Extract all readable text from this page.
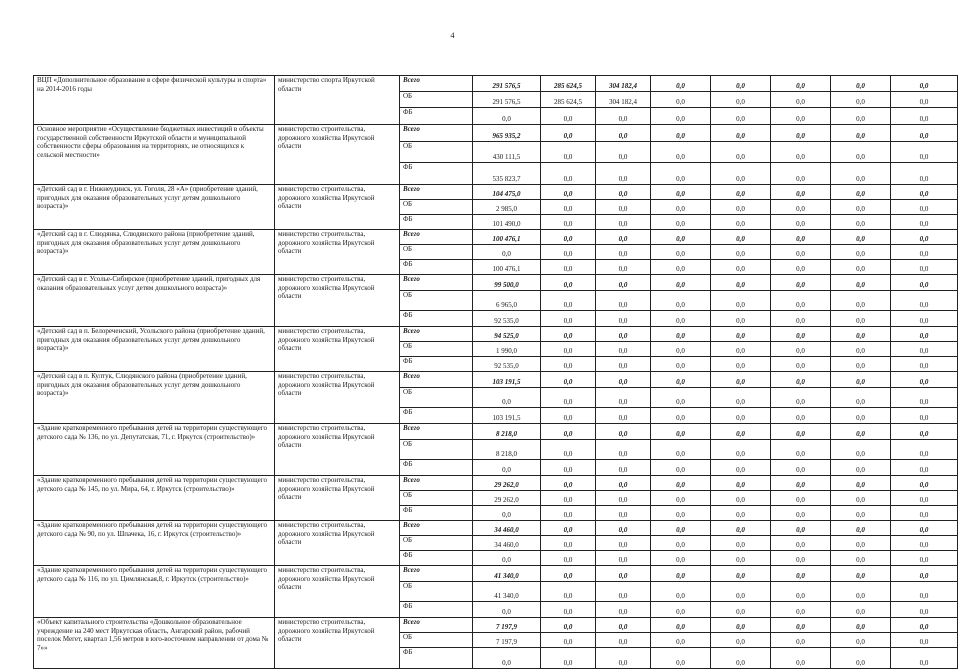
4
ВЦП «Дополнительное образование в сфере физической культуры и спорта» на 2014-2016 годы	министерство спорта Иркутской области	Всего	291 576,5	285 624,5	304 182,4	0,0	0,0	0,0	0,0	0,0	
		ОБ	291 576,5	285 624,5	304 182,4	0,0	0,0	0,0	0,0	0,0	
		ФБ	0,0	0,0	0,0	0,0	0,0	0,0	0,0	0,0	
Основное мероприятие «Осуществление бюджетных инвестиций в объекты государственной собственности Иркутской области и муниципальной собственности сферы образования на территориях, не относящихся к сельской местности»	министерство строительства, дорожного хозяйства Иркутской области	Всего	965 935,2	0,0	0,0	0,0	0,0	0,0	0,0	0,0	
		ОБ	430 111,5	0,0	0,0	0,0	0,0	0,0	0,0	0,0	
		ФБ	535 823,7	0,0	0,0	0,0	0,0	0,0	0,0	0,0	
«Детский сад в г. Нижнеудинск, ул. Гоголя, 28 «А» (приобретение зданий, пригодных для оказания образовательных услуг детям дошкольного возраста)»	министерство строительства, дорожного хозяйства Иркутской области	Всего	104 475,0	0,0	0,0	0,0	0,0	0,0	0,0	0,0	
		ОБ	2 985,0	0,0	0,0	0,0	0,0	0,0	0,0	0,0	
		ФБ	101 490,0	0,0	0,0	0,0	0,0	0,0	0,0	0,0	
«Детский сад в г. Слюдянка, Слюдянского района (приобретение зданий, пригодных для оказания образовательных услуг детям дошкольного возраста)»	министерство строительства, дорожного хозяйства Иркутской области	Всего	100 476,1	0,0	0,0	0,0	0,0	0,0	0,0	0,0	
		ОБ	0,0	0,0	0,0	0,0	0,0	0,0	0,0	0,0	
		ФБ	100 476,1	0,0	0,0	0,0	0,0	0,0	0,0	0,0	
«Детский сад в г. Усолье-Сибирское (приобретение зданий, пригодных для оказания образовательных услуг детям дошкольного возраста)»	министерство строительства, дорожного хозяйства Иркутской области	Всего	99 500,0	0,0	0,0	0,0	0,0	0,0	0,0	0,0	
		ОБ	6 965,0	0,0	0,0	0,0	0,0	0,0	0,0	0,0	
		ФБ	92 535,0	0,0	0,0	0,0	0,0	0,0	0,0	0,0	
«Детский сад в п. Белореченский, Усольского района (приобретение зданий, пригодных для оказания образовательных услуг детям дошкольного возраста)»	министерство строительства, дорожного хозяйства Иркутской области	Всего	94 525,0	0,0	0,0	0,0	0,0	0,0	0,0	0,0	
		ОБ	1 990,0	0,0	0,0	0,0	0,0	0,0	0,0	0,0	
		ФБ	92 535,0	0,0	0,0	0,0	0,0	0,0	0,0	0,0	
«Детский сад в п. Култук, Слюдянского района (приобретение зданий, пригодных для оказания образовательных услуг детям дошкольного возраста)»	министерство строительства, дорожного хозяйства Иркутской области	Всего	103 191,5	0,0	0,0	0,0	0,0	0,0	0,0	0,0	
		ОБ	0,0	0,0	0,0	0,0	0,0	0,0	0,0	0,0	
		ФБ	103 191,5	0,0	0,0	0,0	0,0	0,0	0,0	0,0	
«Здание кратковременного пребывания детей на территории существующего детского сада № 136, по ул. Депутатская, 71, г. Иркутск (строительство)»	министерство строительства, дорожного хозяйства Иркутской области	Всего	8 218,0	0,0	0,0	0,0	0,0	0,0	0,0	0,0	
		ОБ	8 218,0	0,0	0,0	0,0	0,0	0,0	0,0	0,0	
		ФБ	0,0	0,0	0,0	0,0	0,0	0,0	0,0	0,0	
«Здание кратковременного пребывания детей на территории существующего детского сада № 145, по ул. Мира, 64, г. Иркутск (строительство)»	министерство строительства, дорожного хозяйства Иркутской области	Всего	29 262,0	0,0	0,0	0,0	0,0	0,0	0,0	0,0	
		ОБ	29 262,0	0,0	0,0	0,0	0,0	0,0	0,0	0,0	
		ФБ	0,0	0,0	0,0	0,0	0,0	0,0	0,0	0,0	
«Здание кратковременного пребывания детей на территории существующего детского сада № 90, по ул. Шпачека, 16, г. Иркутск (строительство)»	министерство строительства, дорожного хозяйства Иркутской области	Всего	34 460,0	0,0	0,0	0,0	0,0	0,0	0,0	0,0	
		ОБ	34 460,0	0,0	0,0	0,0	0,0	0,0	0,0	0,0	
		ФБ	0,0	0,0	0,0	0,0	0,0	0,0	0,0	0,0	
«Здание кратковременного пребывания детей на территории существующего детского сада № 116, по ул. Цимлянская,8, г. Иркутск (строительство)»	министерство строительства, дорожного хозяйства Иркутской области	Всего	41 340,0	0,0	0,0	0,0	0,0	0,0	0,0	0,0	
		ОБ	41 340,0	0,0	0,0	0,0	0,0	0,0	0,0	0,0	
		ФБ	0,0	0,0	0,0	0,0	0,0	0,0	0,0	0,0	
«Объект капитального строительства «Дошкольное образовательное учреждение на 240 мест Иркутская область, Ангарский район, рабочий поселок Мегет, квартал 1,56 метров в юго-восточном направлении от дома № 7»»	министерство строительства, дорожного хозяйства Иркутской области	Всего	7 197,9	0,0	0,0	0,0	0,0	0,0	0,0	0,0	
		ОБ	7 197,9	0,0	0,0	0,0	0,0	0,0	0,0	0,0	
		ФБ	0,0	0,0	0,0	0,0	0,0	0,0	0,0	0,0	
